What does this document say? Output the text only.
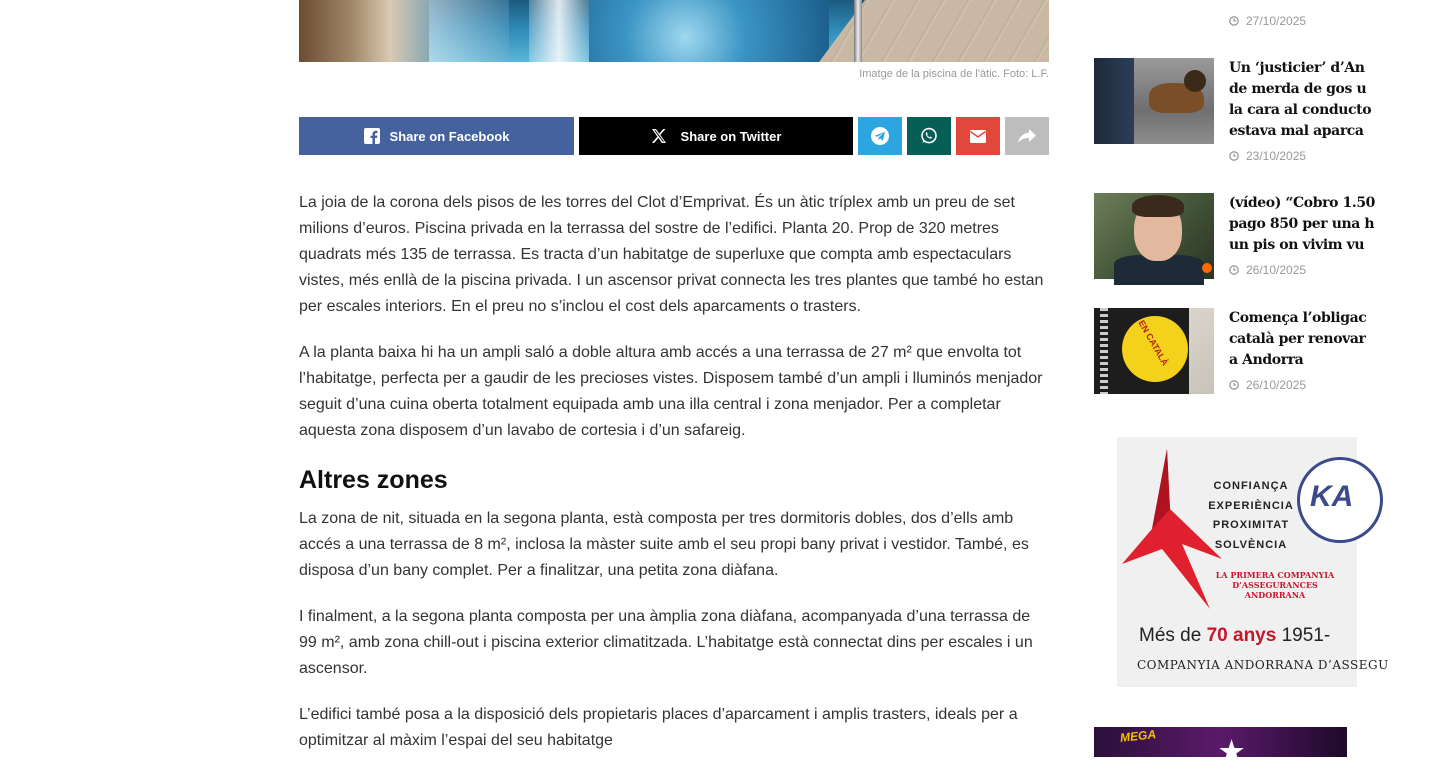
Imatge de la piscina de l'àtic. Foto: L.F.
Share on Facebook	Share on Twitter

La joia de la corona dels pisos de les torres del Clot d’Emprivat. És un àtic tríplex amb un preu de set milions d’euros. Piscina privada en la terrassa del sostre de l’edifici. Planta 20. Prop de 320 metres quadrats més 135 de terrassa. Es tracta d’un habitatge de superluxe que compta amb espectaculars vistes, més enllà de la piscina privada. I un ascensor privat connecta les tres plantes que també ho estan per escales interiors. En el preu no s’inclou el cost dels aparcaments o trasters.

A la planta baixa hi ha un ampli saló a doble altura amb accés a una terrassa de 27 m² que envolta tot l’habitatge, perfecta per a gaudir de les precioses vistes. Disposem també d’un ampli i lluminós menjador seguit d’una cuina oberta totalment equipada amb una illa central i zona menjador. Per a completar aquesta zona disposem d’un lavabo de cortesia i d’un safareig.

Altres zones

La zona de nit, situada en la segona planta, està composta per tres dormitoris dobles, dos d’ells amb accés a una terrassa de 8 m², inclosa la màster suite amb el seu propi bany privat i vestidor. També, es disposa d’un bany complet. Per a finalitzar, una petita zona diàfana.

I finalment, a la segona planta composta per una àmplia zona diàfana, acompanyada d’una terrassa de 99 m², amb zona chill-out i piscina exterior climatitzada. L’habitatge està connectat dins per escales i un ascensor.

L’edifici també posa a la disposició dels propietaris places d’aparcament i amplis trasters, ideals per a optimitzar al màxim l’espai del seu habitatge

27/10/2025
Un ‘justicier’ d’An
de merda de gos u
la cara al conducto
estava mal aparca
23/10/2025
(vídeo) “Cobro 1.50
pago 850 per una h
un pis on vivim vu
26/10/2025
EN CATALÀ
Comença l’obligac
català per renovar
a Andorra
26/10/2025
KA
CONFIANÇA
EXPERIÈNCIA
PROXIMITAT
SOLVÈNCIA
LA PRIMERA COMPANYIA
D’ASSEGURANCES
ANDORRANA
Més de 70 anys 1951-
COMPANYIA ANDORRANA D’ASSEGU
MEGA ★
